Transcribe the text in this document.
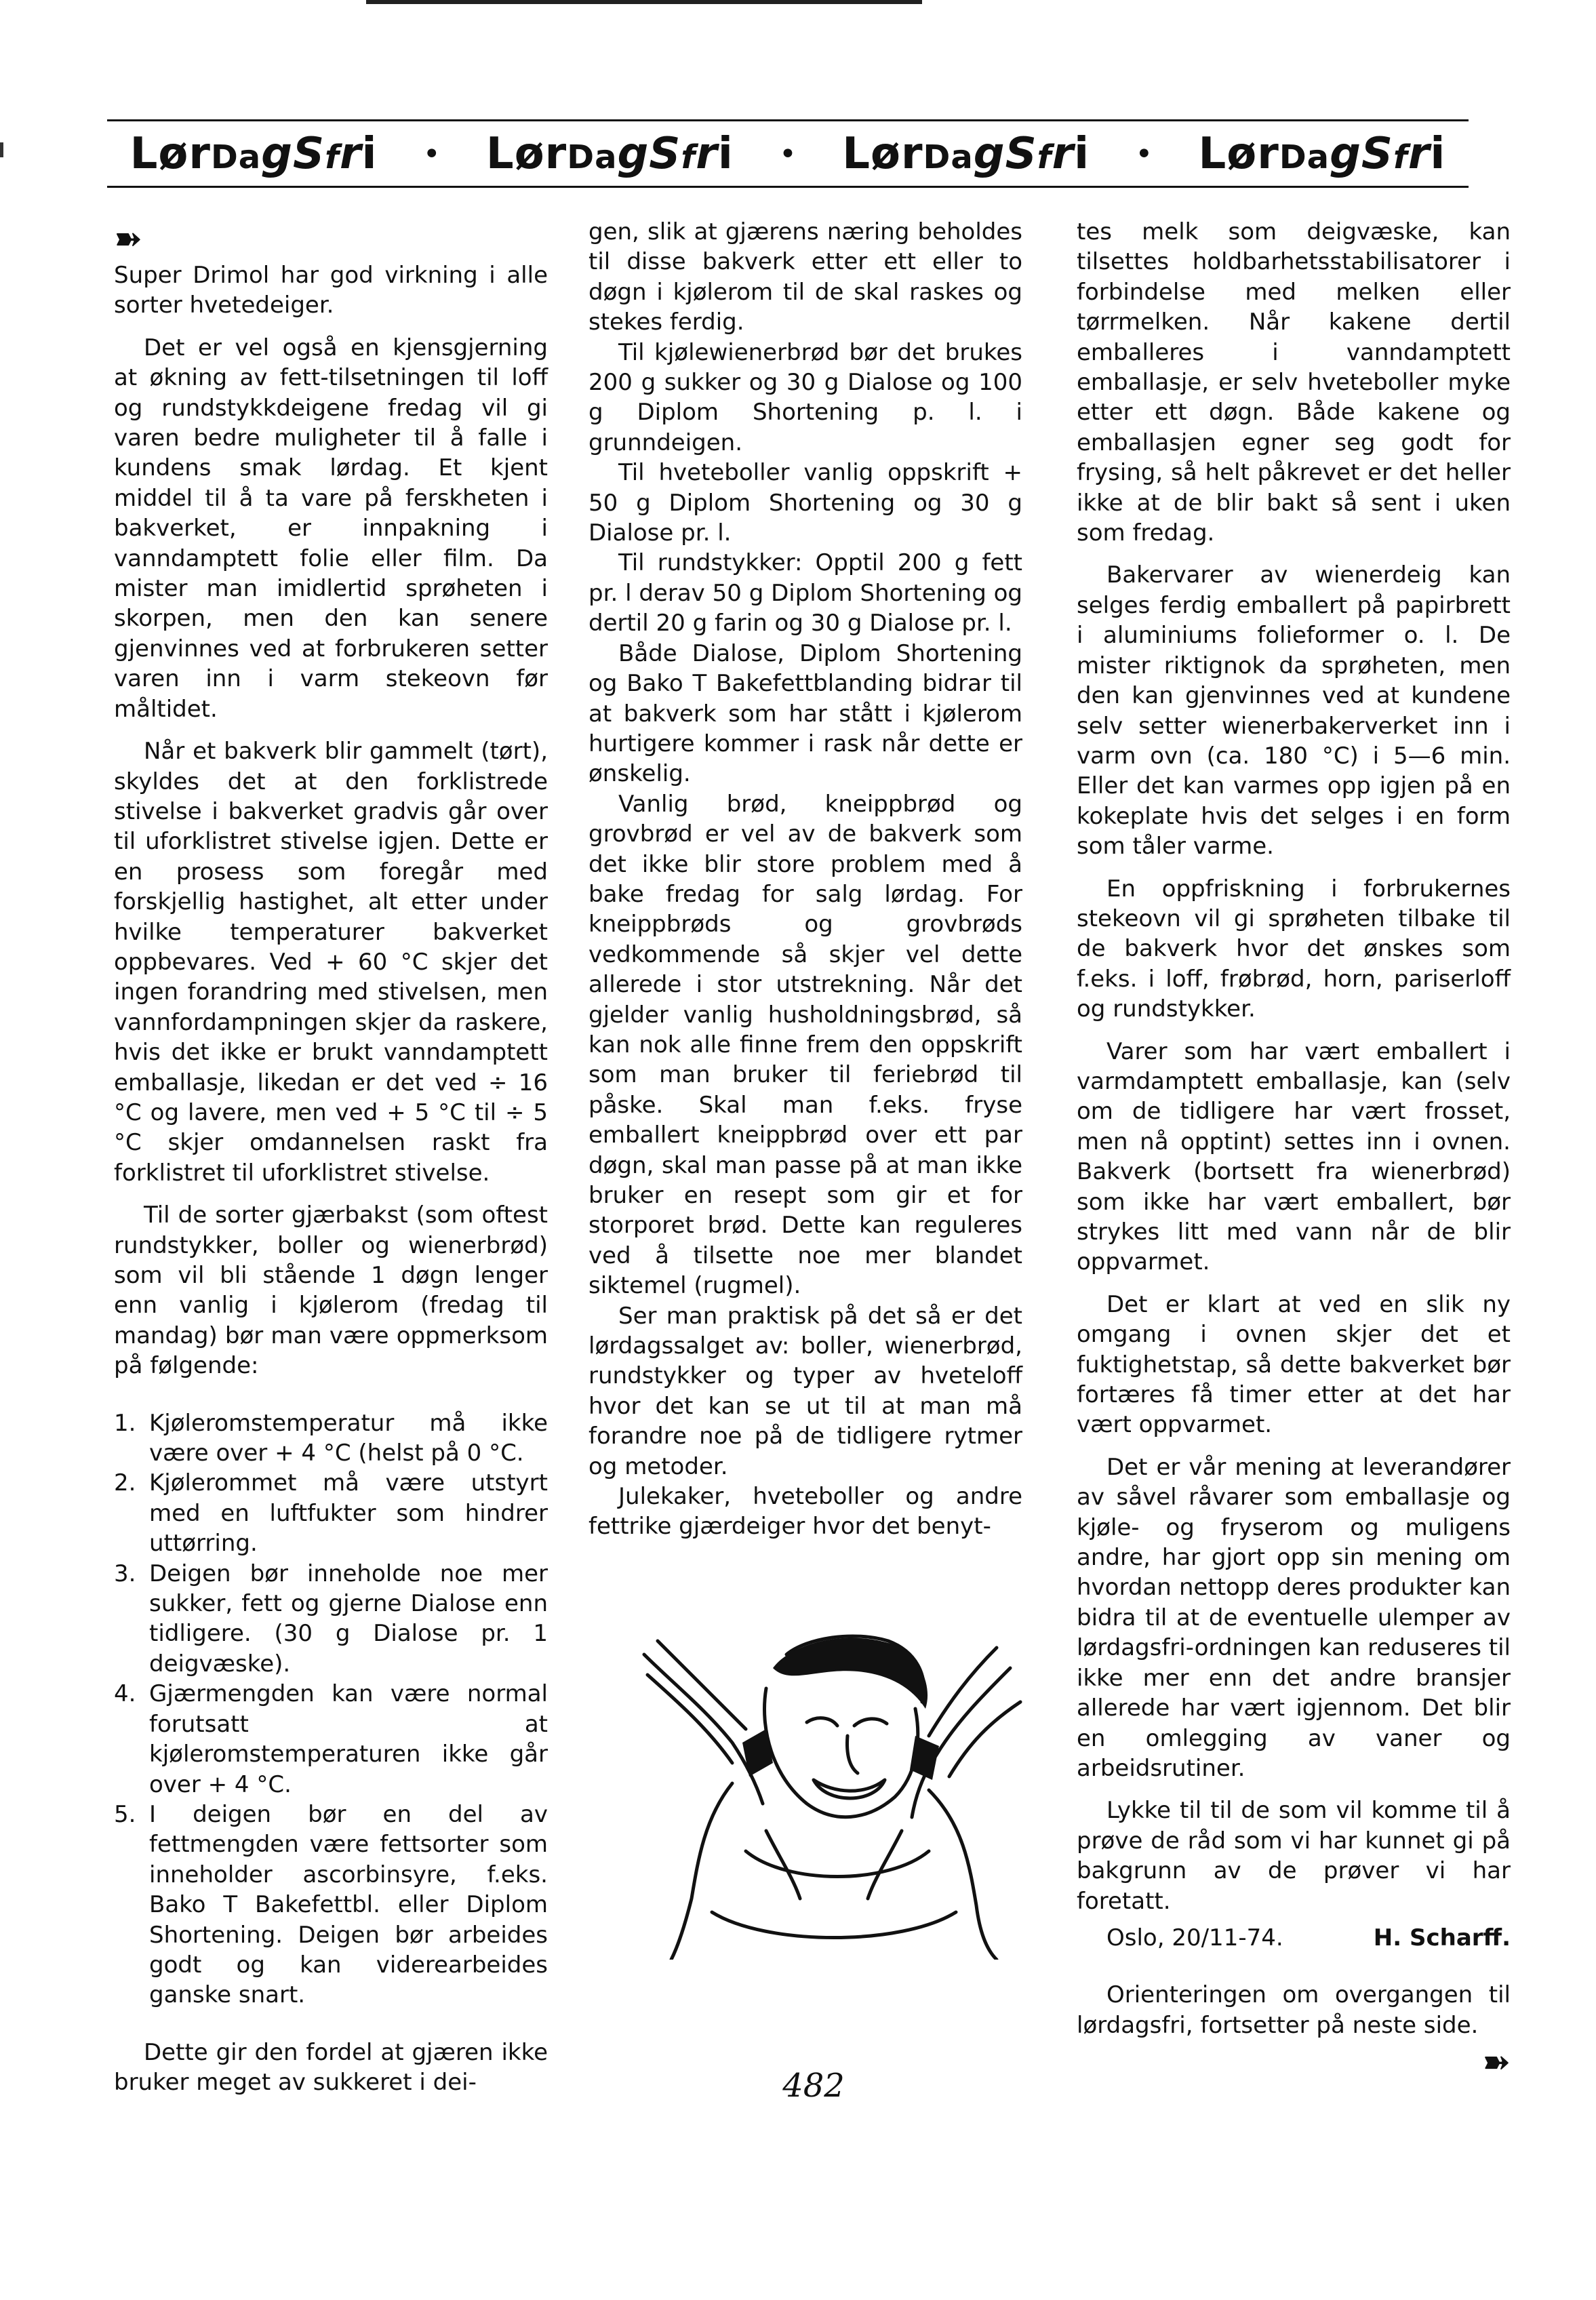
LørDagSfri • LørDagSfri • LørDagSfri • LørDagSfri
➽

Super Drimol har god virkning i alle sorter hvetedeiger.

Det er vel også en kjensgjerning at økning av fett-tilsetningen til loff og rundstykkdeigene fredag vil gi varen bedre muligheter til å falle i kundens smak lørdag. Et kjent middel til å ta vare på ferskheten i bakverket, er innpakning i vanndamptett folie eller film. Da mister man imidlertid sprøheten i skorpen, men den kan senere gjenvinnes ved at forbrukeren setter varen inn i varm stekeovn før måltidet.

Når et bakverk blir gammelt (tørt), skyldes det at den forklistrede stivelse i bakverket gradvis går over til uforklistret stivelse igjen. Dette er en prosess som foregår med forskjellig hastighet, alt etter under hvilke temperaturer bakverket oppbevares. Ved + 60 °C skjer det ingen forandring med stivelsen, men vannfordampningen skjer da raskere, hvis det ikke er brukt vanndamptett emballasje, likedan er det ved ÷ 16 °C og lavere, men ved + 5 °C til ÷ 5 °C skjer omdannelsen raskt fra forklistret til uforklistret stivelse.

Til de sorter gjærbakst (som oftest rundstykker, boller og wienerbrød) som vil bli stående 1 døgn lenger enn vanlig i kjølerom (fredag til mandag) bør man være oppmerksom på følgende:

1. Kjøleromstemperatur må ikke være over + 4 °C (helst på 0 °C.
2. Kjølerommet må være utstyrt med en luftfukter som hindrer uttørring.
3. Deigen bør inneholde noe mer sukker, fett og gjerne Dialose enn tidligere. (30 g Dialose pr. 1 deigvæske).
4. Gjærmengden kan være normal forutsatt at kjøleromstemperaturen ikke går over + 4 °C.
5. I deigen bør en del av fettmengden være fettsorter som inneholder ascorbinsyre, f.eks. Bako T Bakefettbl. eller Diplom Shortening. Deigen bør arbeides godt og kan viderearbeides ganske snart.

Dette gir den fordel at gjæren ikke bruker meget av sukkeret i dei-

gen, slik at gjærens næring beholdes til disse bakverk etter ett eller to døgn i kjølerom til de skal raskes og stekes ferdig.

Til kjølewienerbrød bør det brukes 200 g sukker og 30 g Dialose og 100 g Diplom Shortening p. l. i grunndeigen.

Til hveteboller vanlig oppskrift + 50 g Diplom Shortening og 30 g Dialose pr. l.

Til rundstykker: Opptil 200 g fett pr. l derav 50 g Diplom Shortening og dertil 20 g farin og 30 g Dialose pr. l.

Både Dialose, Diplom Shortening og Bako T Bakefettblanding bidrar til at bakverk som har stått i kjølerom hurtigere kommer i rask når dette er ønskelig.

Vanlig brød, kneippbrød og grovbrød er vel av de bakverk som det ikke blir store problem med å bake fredag for salg lørdag. For kneippbrøds og grovbrøds vedkommende så skjer vel dette allerede i stor utstrekning. Når det gjelder vanlig husholdningsbrød, så kan nok alle finne frem den oppskrift som man bruker til feriebrød til påske. Skal man f.eks. fryse emballert kneippbrød over ett par døgn, skal man passe på at man ikke bruker en resept som gir et for storporet brød. Dette kan reguleres ved å tilsette noe mer blandet siktemel (rugmel).

Ser man praktisk på det så er det lørdagssalget av: boller, wienerbrød, rundstykker og typer av hveteloff hvor det kan se ut til at man må forandre noe på de tidligere rytmer og metoder.

Julekaker, hveteboller og andre fettrike gjærdeiger hvor det benyt-

tes melk som deigvæske, kan tilsettes holdbarhetsstabilisatorer i forbindelse med melken eller tørrmelken. Når kakene dertil emballeres i vanndamptett emballasje, er selv hveteboller myke etter ett døgn. Både kakene og emballasjen egner seg godt for frysing, så helt påkrevet er det heller ikke at de blir bakt så sent i uken som fredag.

Bakervarer av wienerdeig kan selges ferdig emballert på papirbrett i aluminiums folieformer o. l. De mister riktignok da sprøheten, men den kan gjenvinnes ved at kundene selv setter wienerbakerverket inn i varm ovn (ca. 180 °C) i 5—6 min. Eller det kan varmes opp igjen på en kokeplate hvis det selges i en form som tåler varme.

En oppfriskning i forbrukernes stekeovn vil gi sprøheten tilbake til de bakverk hvor det ønskes som f.eks. i loff, frøbrød, horn, pariserloff og rundstykker.

Varer som har vært emballert i varmdamptett emballasje, kan (selv om de tidligere har vært frosset, men nå opptint) settes inn i ovnen. Bakverk (bortsett fra wienerbrød) som ikke har vært emballert, bør strykes litt med vann når de blir oppvarmet.

Det er klart at ved en slik ny omgang i ovnen skjer det et fuktighetstap, så dette bakverket bør fortæres få timer etter at det har vært oppvarmet.

Det er vår mening at leverandører av såvel råvarer som emballasje og kjøle- og fryserom og muligens andre, har gjort opp sin mening om hvordan nettopp deres produkter kan bidra til at de eventuelle ulemper av lørdagsfri-ordningen kan reduseres til ikke mer enn det andre bransjer allerede har vært igjennom. Det blir en omlegging av vaner og arbeidsrutiner.

Lykke til til de som vil komme til å prøve de råd som vi har kunnet gi på bakgrunn av de prøver vi har foretatt.

Oslo, 20/11-74.	H. Scharff.

Orienteringen om overgangen til lørdagsfri, fortsetter på neste side.

➽
482
